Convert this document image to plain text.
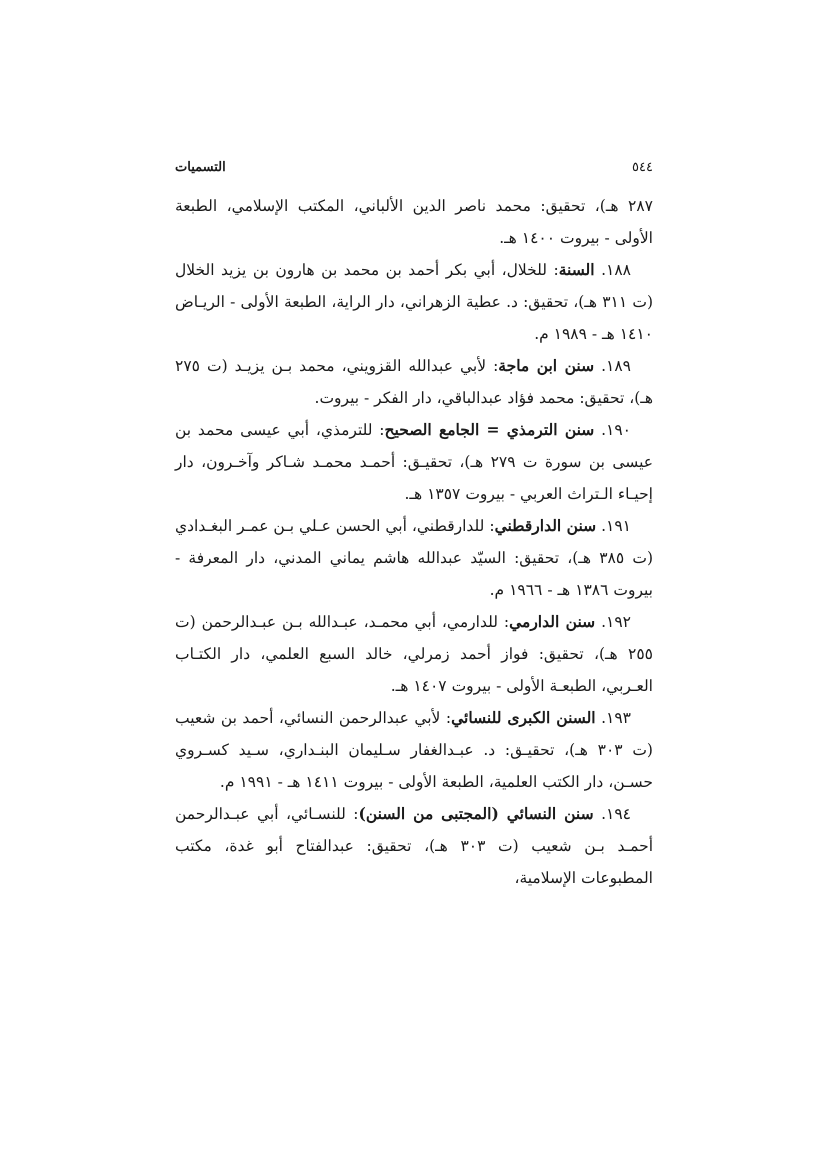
٥٤٤
التسميات

٢٨٧ هـ)، تحقيق: محمد ناصر الدين الألباني، المكتب الإسلامي، الطبعة الأولى - بيروت ١٤٠٠ هـ.

١٨٨. السنة: للخلال، أبي بكر أحمد بن محمد بن هارون بن يزيد الخلال (ت ٣١١ هـ)، تحقيق: د. عطية الزهراني، دار الراية، الطبعة الأولى - الريـاض ١٤١٠ هـ - ١٩٨٩ م.

١٨٩. سنن ابن ماجة: لأبي عبدالله القزويني، محمد بـن يزيـد (ت ٢٧٥ هـ)، تحقيق: محمد فؤاد عبدالباقي، دار الفكر - بيروت.

١٩٠. سنن الترمذي = الجامع الصحيح: للترمذي، أبي عيسى محمد بن عيسى بن سورة ت ٢٧٩ هـ)، تحقيـق: أحمـد محمـد شـاكر وآخـرون، دار إحيـاء الـتراث العربي - بيروت ١٣٥٧ هـ.

١٩١. سنن الدارقطني: للدارقطني، أبي الحسن عـلي بـن عمـر البغـدادي (ت ٣٨٥ هـ)، تحقيق: السيّد عبدالله هاشم يماني المدني، دار المعرفة - بيروت ١٣٨٦ هـ - ١٩٦٦ م.

١٩٢. سنن الدارمي: للدارمي، أبي محمـد، عبـدالله بـن عبـدالرحمن (ت ٢٥٥ هـ)، تحقيق: فواز أحمد زمرلي، خالد السبع العلمي، دار الكتـاب العـربي، الطبعـة الأولى - بيروت ١٤٠٧ هـ.

١٩٣. السنن الكبرى للنسائي: لأبي عبدالرحمن النسائي، أحمد بن شعيب (ت ٣٠٣ هـ)، تحقيـق: د. عبـدالغفار سـليمان البنـداري، سـيد كسـروي حسـن، دار الكتب العلمية، الطبعة الأولى - بيروت ١٤١١ هـ - ١٩٩١ م.

١٩٤. سنن النسائي (المجتبى من السنن): للنسـائي، أبي عبـدالرحمن أحمـد بـن شعيب (ت ٣٠٣ هـ)، تحقيق: عبدالفتاح أبو غدة، مكتب المطبوعات الإسلامية،
